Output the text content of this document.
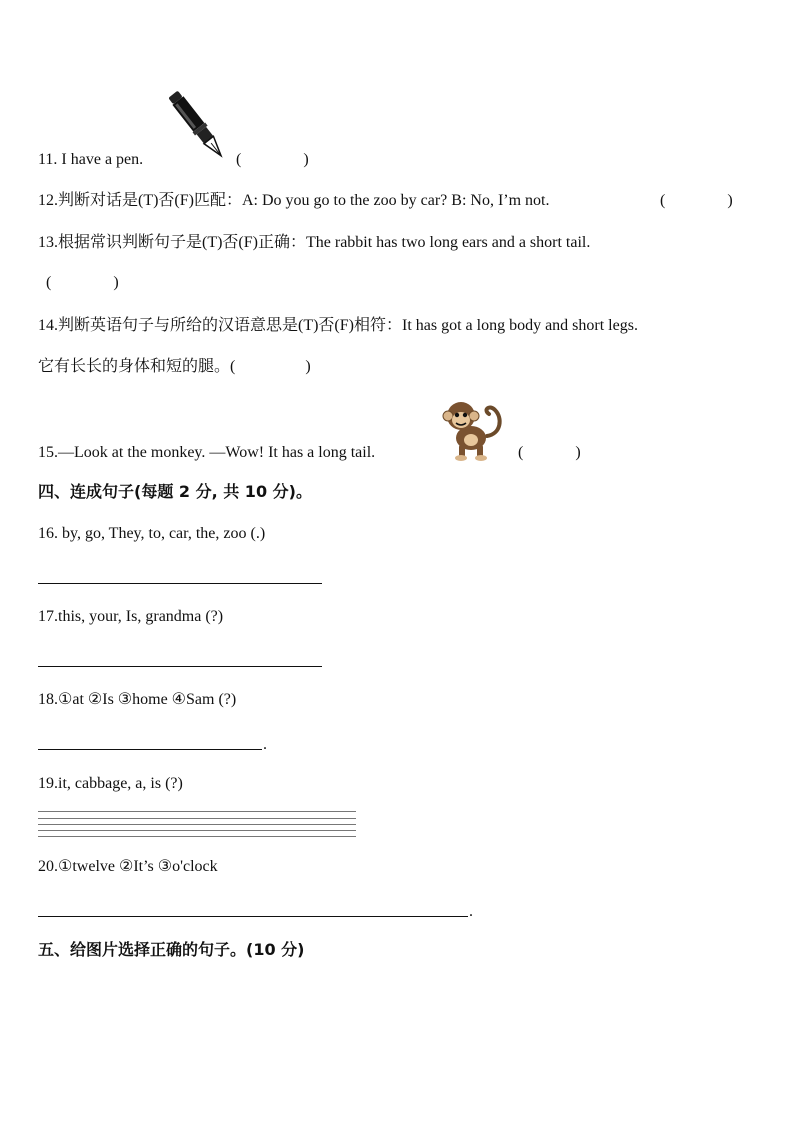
11. I have a pen.	(	)
12.判断对话是(T)否(F)匹配：A: Do you go to the zoo by car? B: No, I’m not.	(	)
13.根据常识判断句子是(T)否(F)正确：The rabbit has two long ears and a short tail.
(	)
14.判断英语句子与所给的汉语意思是(T)否(F)相符：It has got a long body and short legs.
它有长长的身体和短的腿。(	)
15.—Look at the monkey. —Wow! It has a long tail.	(	)
四、连成句子(每题 2 分, 共 10 分)。
16. by, go, They, to, car, the, zoo (.)
17.this, your, Is, grandma (?)
18.①at ②Is ③home ④Sam (?)
.
19.it, cabbage, a, is (?)
20.①twelve ②It’s ③o'clock
.
五、给图片选择正确的句子。(10 分)
